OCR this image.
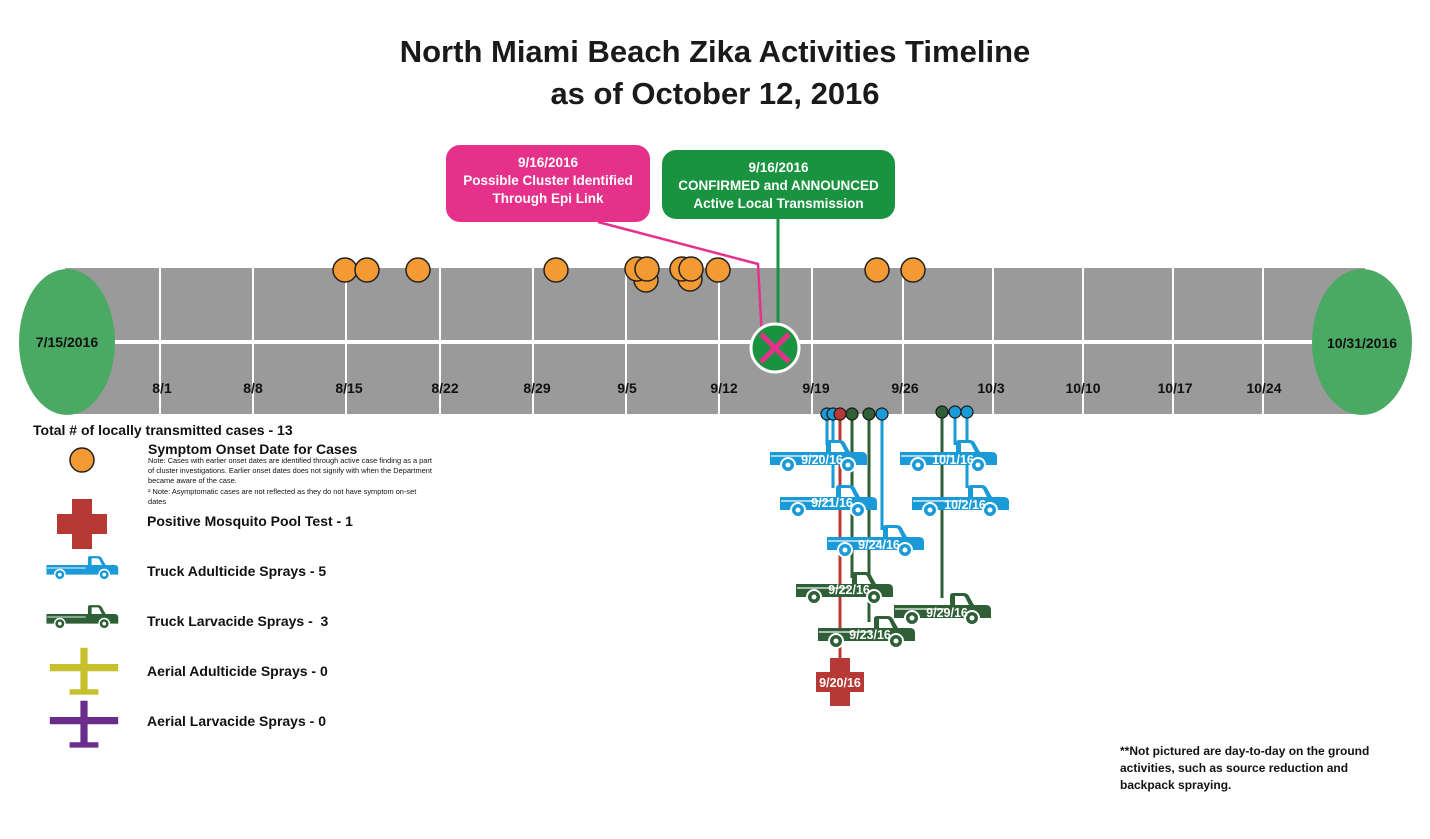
North Miami Beach Zika Activities Timeline
as of October 12, 2016
7/15/2016	10/31/2016
8/1	8/8	8/15	8/22	8/29	9/5	9/12	9/19	9/26	10/3	10/10	10/17	10/24
9/20/16
9/21/16
9/24/16
10/1/16
10/2/16
9/22/16
9/23/16
9/29/16
9/20/16
9/16/2016
Possible Cluster Identified
Through Epi Link
9/16/2016
CONFIRMED and ANNOUNCED
Active Local Transmission
Total # of locally transmitted cases - 13
Symptom Onset Date for Cases
Note: Cases with earlier onset dates are identified through active case finding as a part of cluster investigations. Earlier onset dates does not signify with when the Department became aware of the case.
² Note: Asymptomatic cases are not reflected as they do not have symptom on-set dates
Positive Mosquito Pool Test - 1
Truck Adulticide Sprays - 5
Truck Larvacide Sprays -  3
Aerial Adulticide Sprays - 0
Aerial Larvacide Sprays - 0
**Not pictured are day-to-day on the ground activities, such as source reduction and backpack spraying.
